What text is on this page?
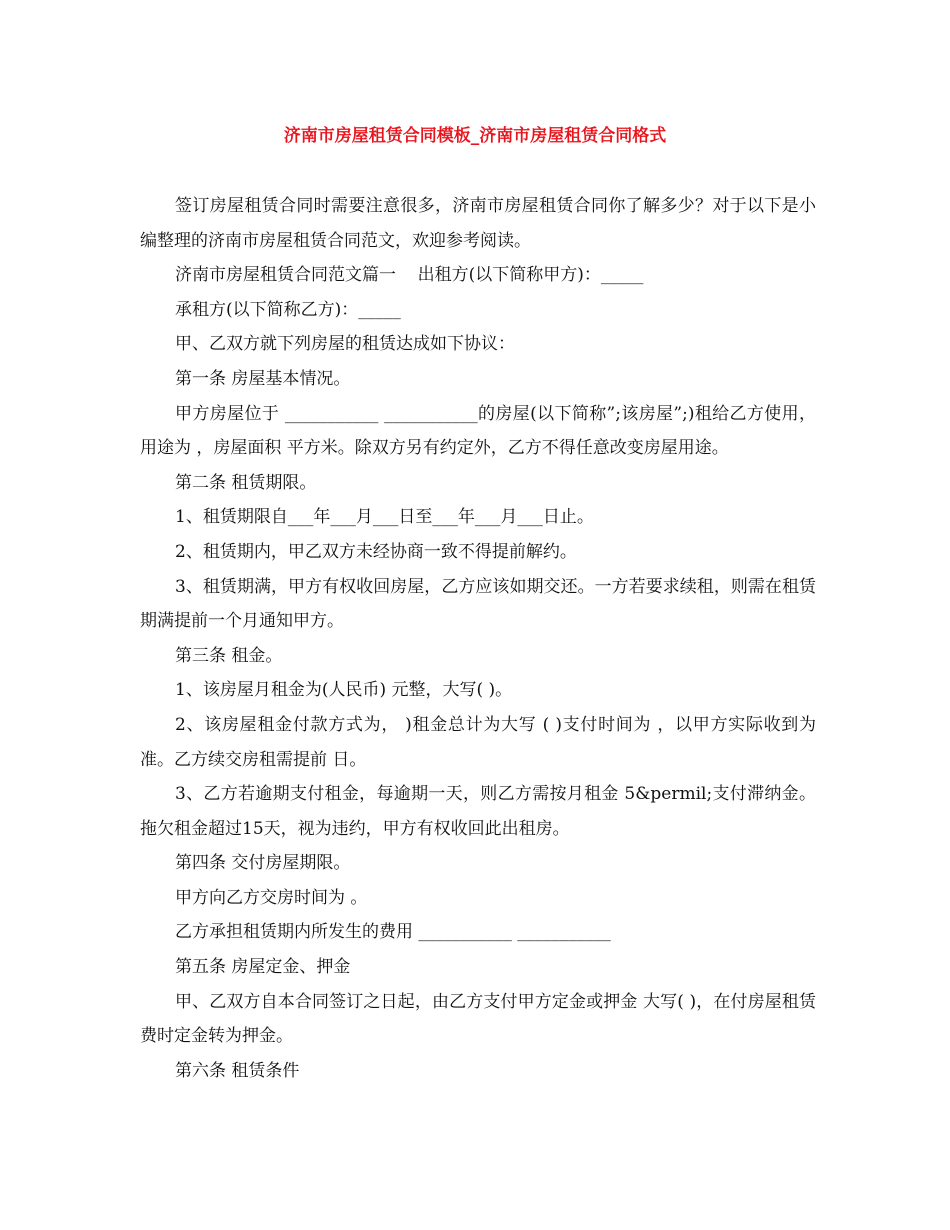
济南市房屋租赁合同模板_济南市房屋租赁合同格式

签订房屋租赁合同时需要注意很多，济南市房屋租赁合同你了解多少？对于以下是小编整理的济南市房屋租赁合同范文，欢迎参考阅读。

济南市房屋租赁合同范文篇一    出租方(以下简称甲方)：_____

承租方(以下简称乙方)：_____

甲、乙双方就下列房屋的租赁达成如下协议：

第一条 房屋基本情况。

甲方房屋位于 ___________ ___________的房屋(以下简称”;该房屋”;)租给乙方使用，用途为 ，房屋面积 平方米。除双方另有约定外，乙方不得任意改变房屋用途。

第二条 租赁期限。

1、租赁期限自___年___月___日至___年___月___日止。

2、租赁期内，甲乙双方未经协商一致不得提前解约。

3、租赁期满，甲方有权收回房屋，乙方应该如期交还。一方若要求续租，则需在租赁期满提前一个月通知甲方。

第三条 租金。

1、该房屋月租金为(人民币) 元整，大写( )。

2、该房屋租金付款方式为， )租金总计为大写 ( )支付时间为 ，以甲方实际收到为准。乙方续交房租需提前 日。

3、乙方若逾期支付租金，每逾期一天，则乙方需按月租金 5&permil;支付滞纳金。拖欠租金超过15天，视为违约，甲方有权收回此出租房。

第四条 交付房屋期限。

甲方向乙方交房时间为 。

乙方承担租赁期内所发生的费用 ___________ ___________

第五条 房屋定金、押金

甲、乙双方自本合同签订之日起，由乙方支付甲方定金或押金 大写( )，在付房屋租赁费时定金转为押金。

第六条 租赁条件
